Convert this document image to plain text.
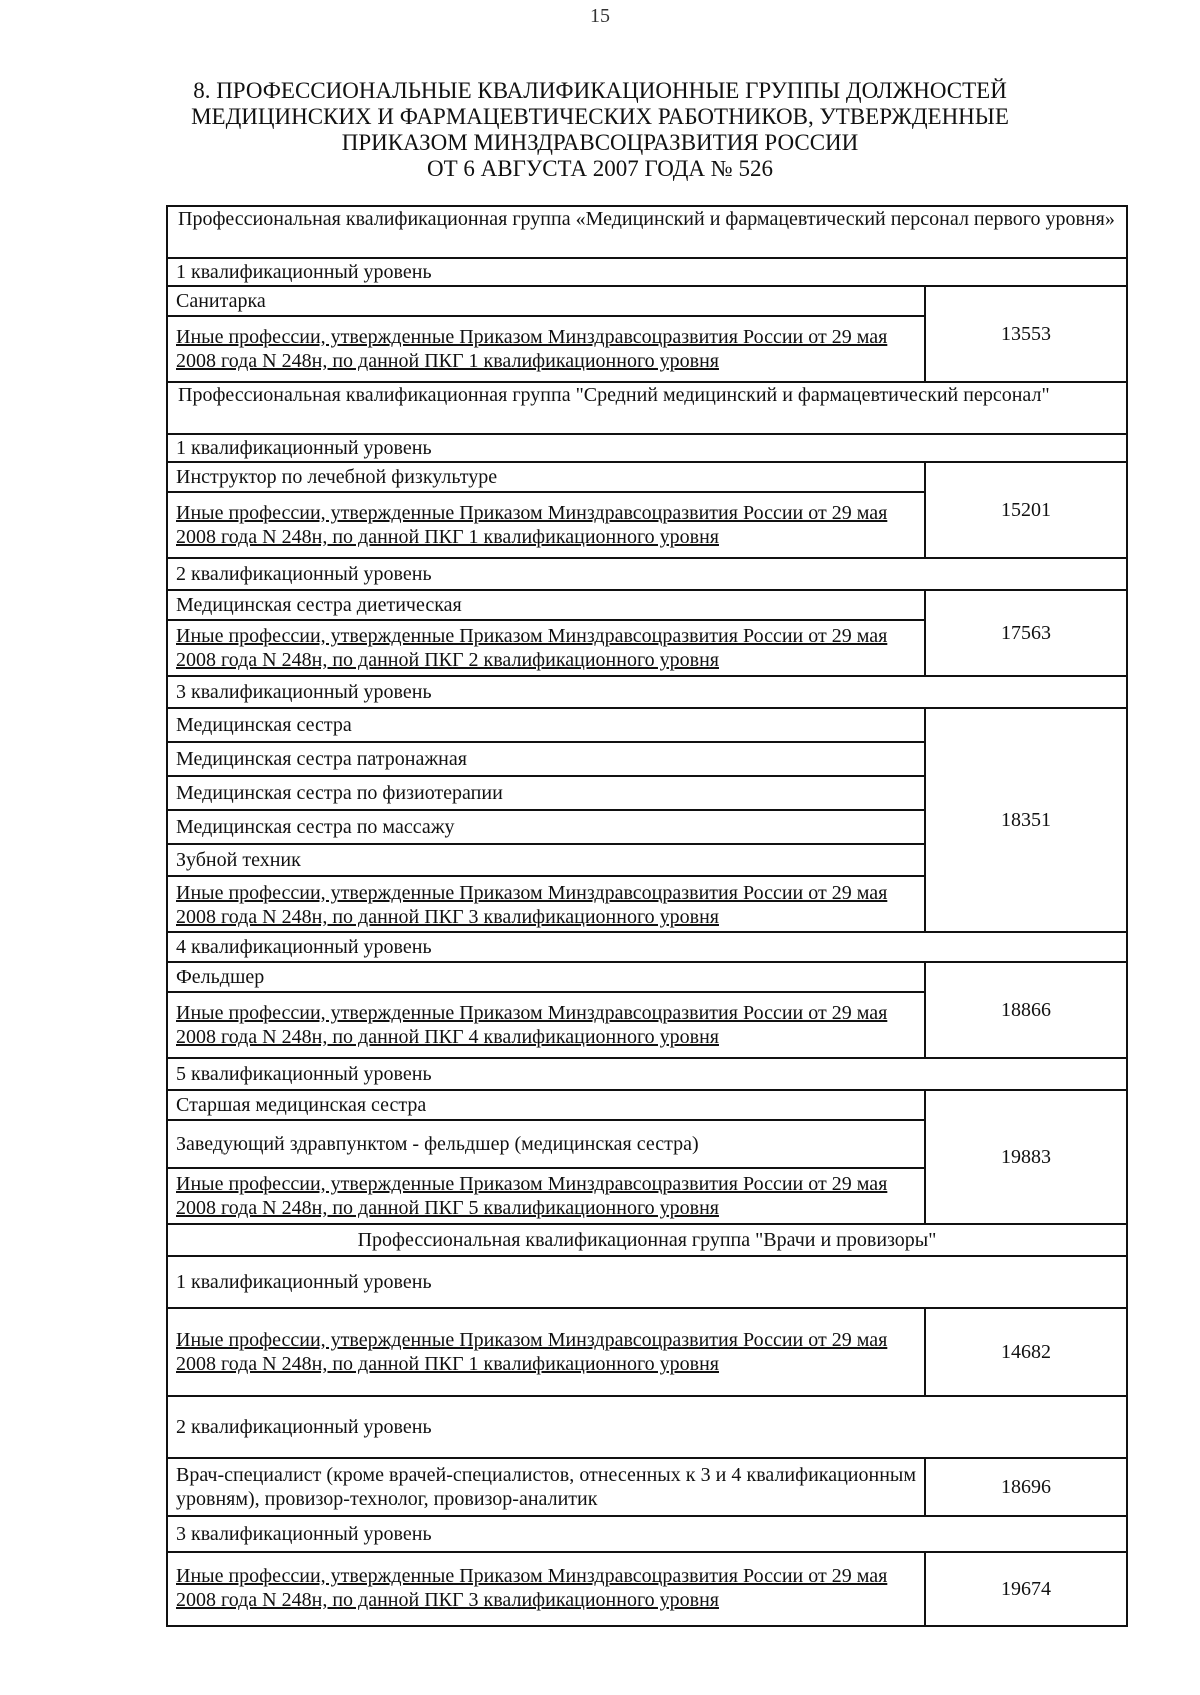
15
8. ПРОФЕССИОНАЛЬНЫЕ КВАЛИФИКАЦИОННЫЕ ГРУППЫ ДОЛЖНОСТЕЙ
МЕДИЦИНСКИХ И ФАРМАЦЕВТИЧЕСКИХ РАБОТНИКОВ, УТВЕРЖДЕННЫЕ
ПРИКАЗОМ МИНЗДРАВСОЦРАЗВИТИЯ РОССИИ
ОТ 6 АВГУСТА 2007 ГОДА № 526
Профессиональная квалификационная группа «Медицинский и фармацевтический персонал первого уровня»
1 квалификационный уровень
Санитарка
Иные профессии, утвержденные Приказом Минздравсоцразвития России от 29 мая 2008 года N 248н, по данной ПКГ 1 квалификационного уровня
13553
Профессиональная квалификационная группа "Средний медицинский и фармацевтический персонал"
1 квалификационный уровень
Инструктор по лечебной физкультуре
Иные профессии, утвержденные Приказом Минздравсоцразвития России от 29 мая 2008 года N 248н, по данной ПКГ 1 квалификационного уровня
15201
2 квалификационный уровень
Медицинская сестра диетическая
Иные профессии, утвержденные Приказом Минздравсоцразвития России от 29 мая 2008 года N 248н, по данной ПКГ 2 квалификационного уровня
17563
3 квалификационный уровень
Медицинская сестра
Медицинская сестра патронажная
Медицинская сестра по физиотерапии
Медицинская сестра по массажу
Зубной техник
Иные профессии, утвержденные Приказом Минздравсоцразвития России от 29 мая 2008 года N 248н, по данной ПКГ 3 квалификационного уровня
18351
4 квалификационный уровень
Фельдшер
Иные профессии, утвержденные Приказом Минздравсоцразвития России от 29 мая 2008 года N 248н, по данной ПКГ 4 квалификационного уровня
18866
5 квалификационный уровень
Старшая медицинская сестра
Заведующий здравпунктом - фельдшер (медицинская сестра)
Иные профессии, утвержденные Приказом Минздравсоцразвития России от 29 мая 2008 года N 248н, по данной ПКГ 5 квалификационного уровня
19883
Профессиональная квалификационная группа "Врачи и провизоры"
1 квалификационный уровень
Иные профессии, утвержденные Приказом Минздравсоцразвития России от 29 мая 2008 года N 248н, по данной ПКГ 1 квалификационного уровня
14682
2 квалификационный уровень
Врач-специалист (кроме врачей-специалистов, отнесенных к 3 и 4 квалификационным уровням), провизор-технолог, провизор-аналитик
18696
3 квалификационный уровень
Иные профессии, утвержденные Приказом Минздравсоцразвития России от 29 мая 2008 года N 248н, по данной ПКГ 3 квалификационного уровня	19674
